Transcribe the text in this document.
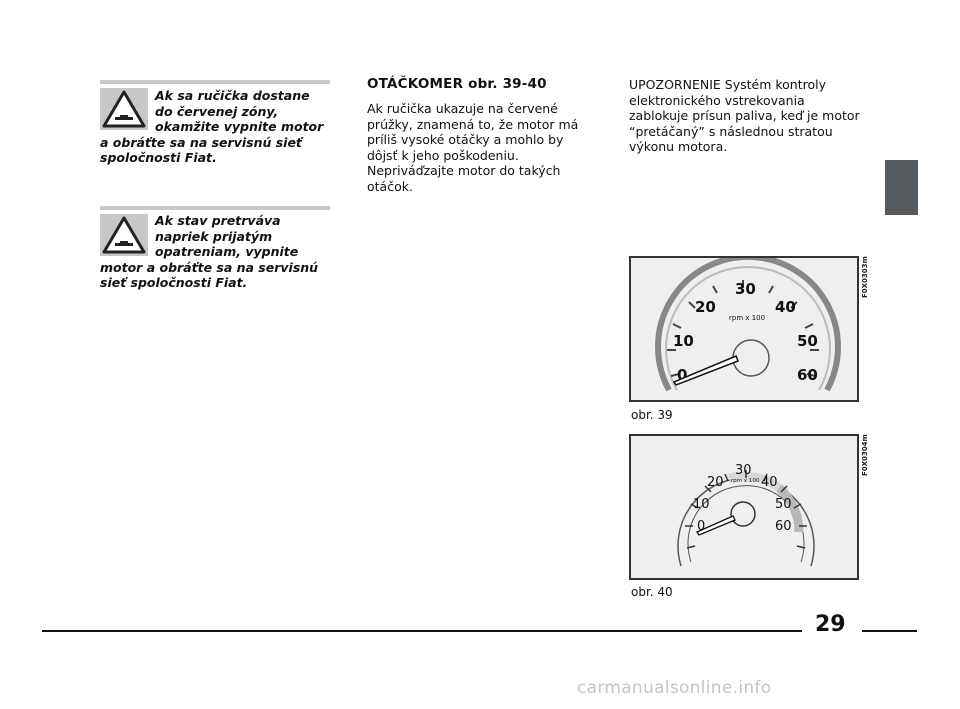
Ak sa ručička dostane
do červenej zóny,
okamžite vypnite motor
a obráťte sa na servisnú sieť
spoločnosti Fiat.
Ak stav pretrváva
napriek prijatým
opatreniam, vypnite
motor a obráťte sa na servisnú
sieť spoločnosti Fiat.
OTÁČKOMER obr. 39-40
Ak ručička ukazuje na červené
prúžky, znamená to, že motor má
príliš vysoké otáčky a mohlo by
dôjsť k jeho poškodeniu.
Nepriváďzajte motor do takých
otáčok.
UPOZORNENIE Systém kontroly
elektronického vstrekovania
zablokuje prísun paliva, keď je motor
“pretáčaný” s následnou stratou
výkonu motora.
0
10
20
30
40
50
60
rpm x 100
F0X0303m
obr. 39
0
10
20
30
40
50
60
rpm x 100
F0X0304m
obr. 40
29
carmanualsonline.info
